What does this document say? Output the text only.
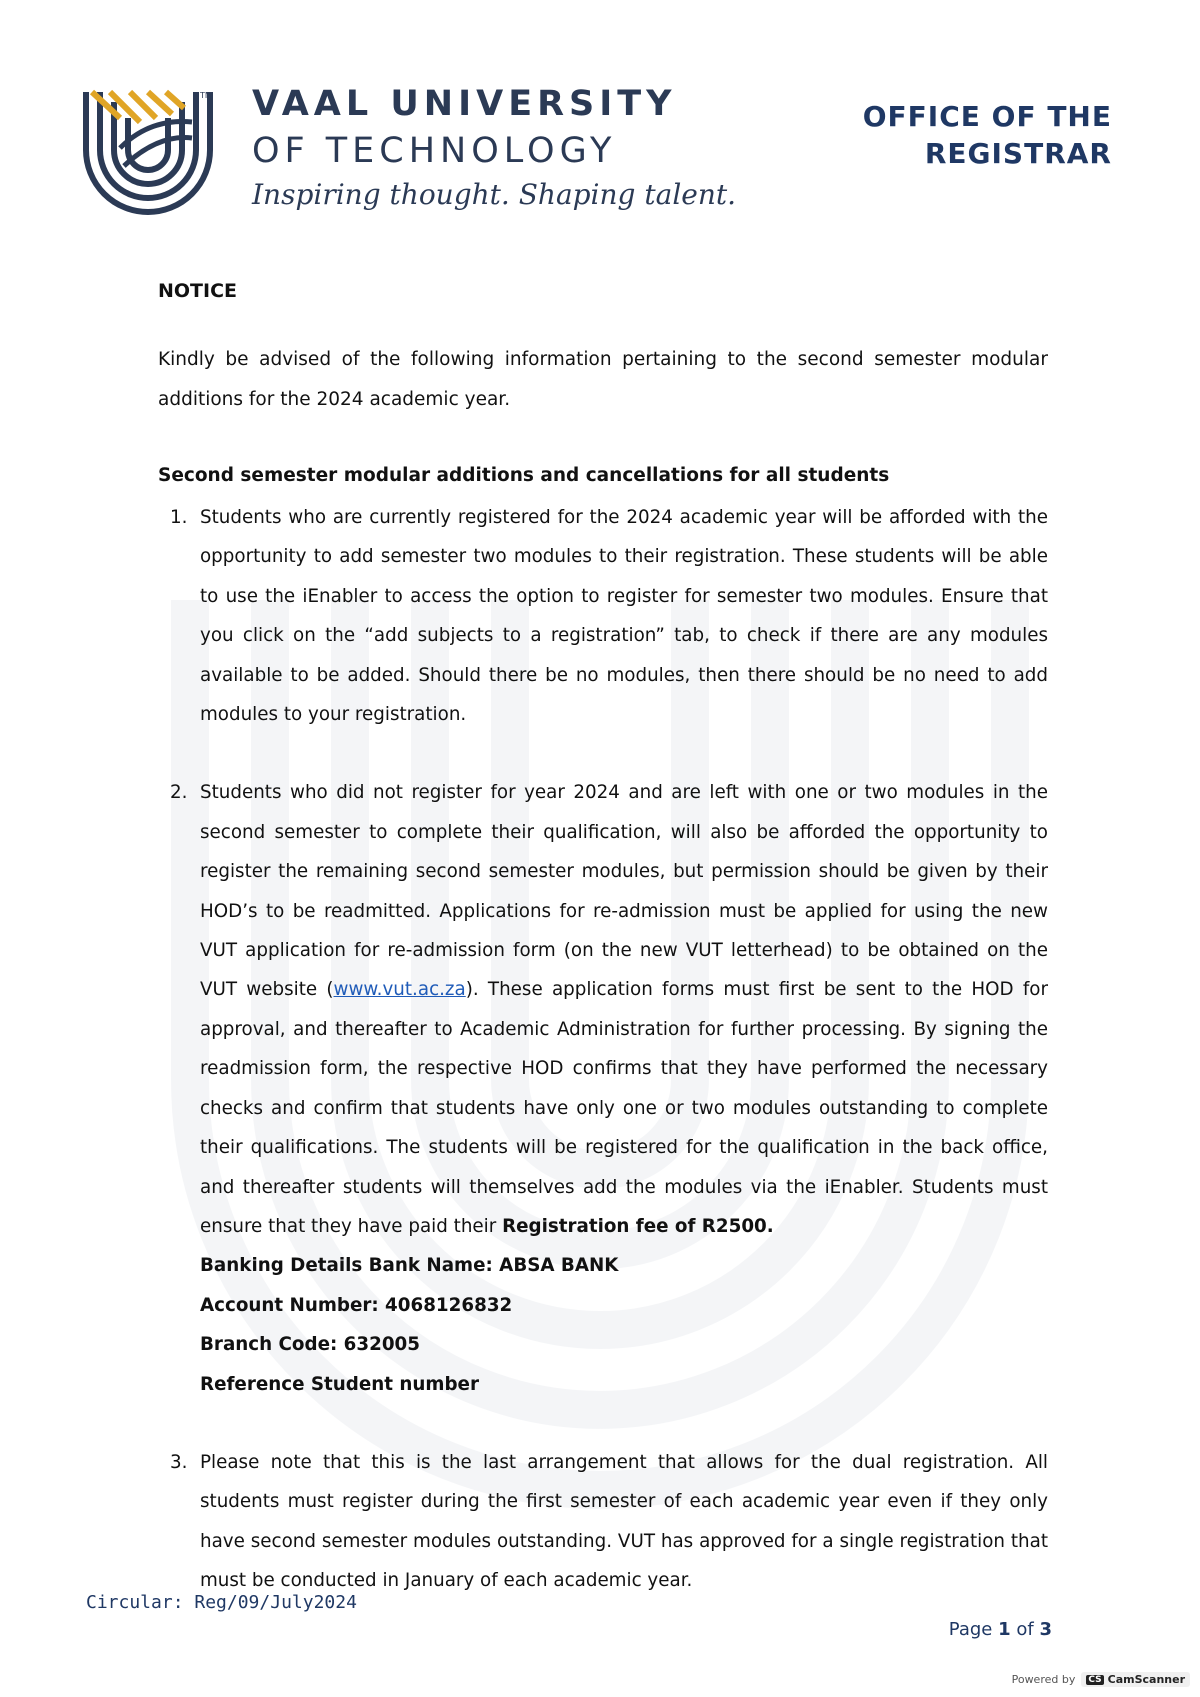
TM VAAL UNIVERSITY
OF TECHNOLOGY
Inspiring thought. Shaping talent.
OFFICE OF THE
REGISTRAR
NOTICE
Kindly be advised of the following information pertaining to the second semester modular additions for the 2024 academic year.
Second semester modular additions and cancellations for all students
1. Students who are currently registered for the 2024 academic year will be afforded with the opportunity to add semester two modules to their registration. These students will be able to use the iEnabler to access the option to register for semester two modules. Ensure that you click on the “add subjects to a registration” tab, to check if there are any modules available to be added. Should there be no modules, then there should be no need to add modules to your registration.
2. Students who did not register for year 2024 and are left with one or two modules in the second semester to complete their qualification, will also be afforded the opportunity to register the remaining second semester modules, but permission should be given by their HOD’s to be readmitted. Applications for re-admission must be applied for using the new VUT application for re-admission form (on the new VUT letterhead) to be obtained on the VUT website (www.vut.ac.za). These application forms must first be sent to the HOD for approval, and thereafter to Academic Administration for further processing. By signing the readmission form, the respective HOD confirms that they have performed the necessary checks and confirm that students have only one or two modules outstanding to complete their qualifications. The students will be registered for the qualification in the back office, and thereafter students will themselves add the modules via the iEnabler. Students must ensure that they have paid their Registration fee of R2500.
Banking Details Bank Name: ABSA BANK
Account Number: 4068126832
Branch Code: 632005
Reference Student number
3. Please note that this is the last arrangement that allows for the dual registration. All students must register during the first semester of each academic year even if they only have second semester modules outstanding. VUT has approved for a single registration that must be conducted in January of each academic year.
Circular: Reg/09/July2024
Page 1 of 3
Powered by CS CamScanner
